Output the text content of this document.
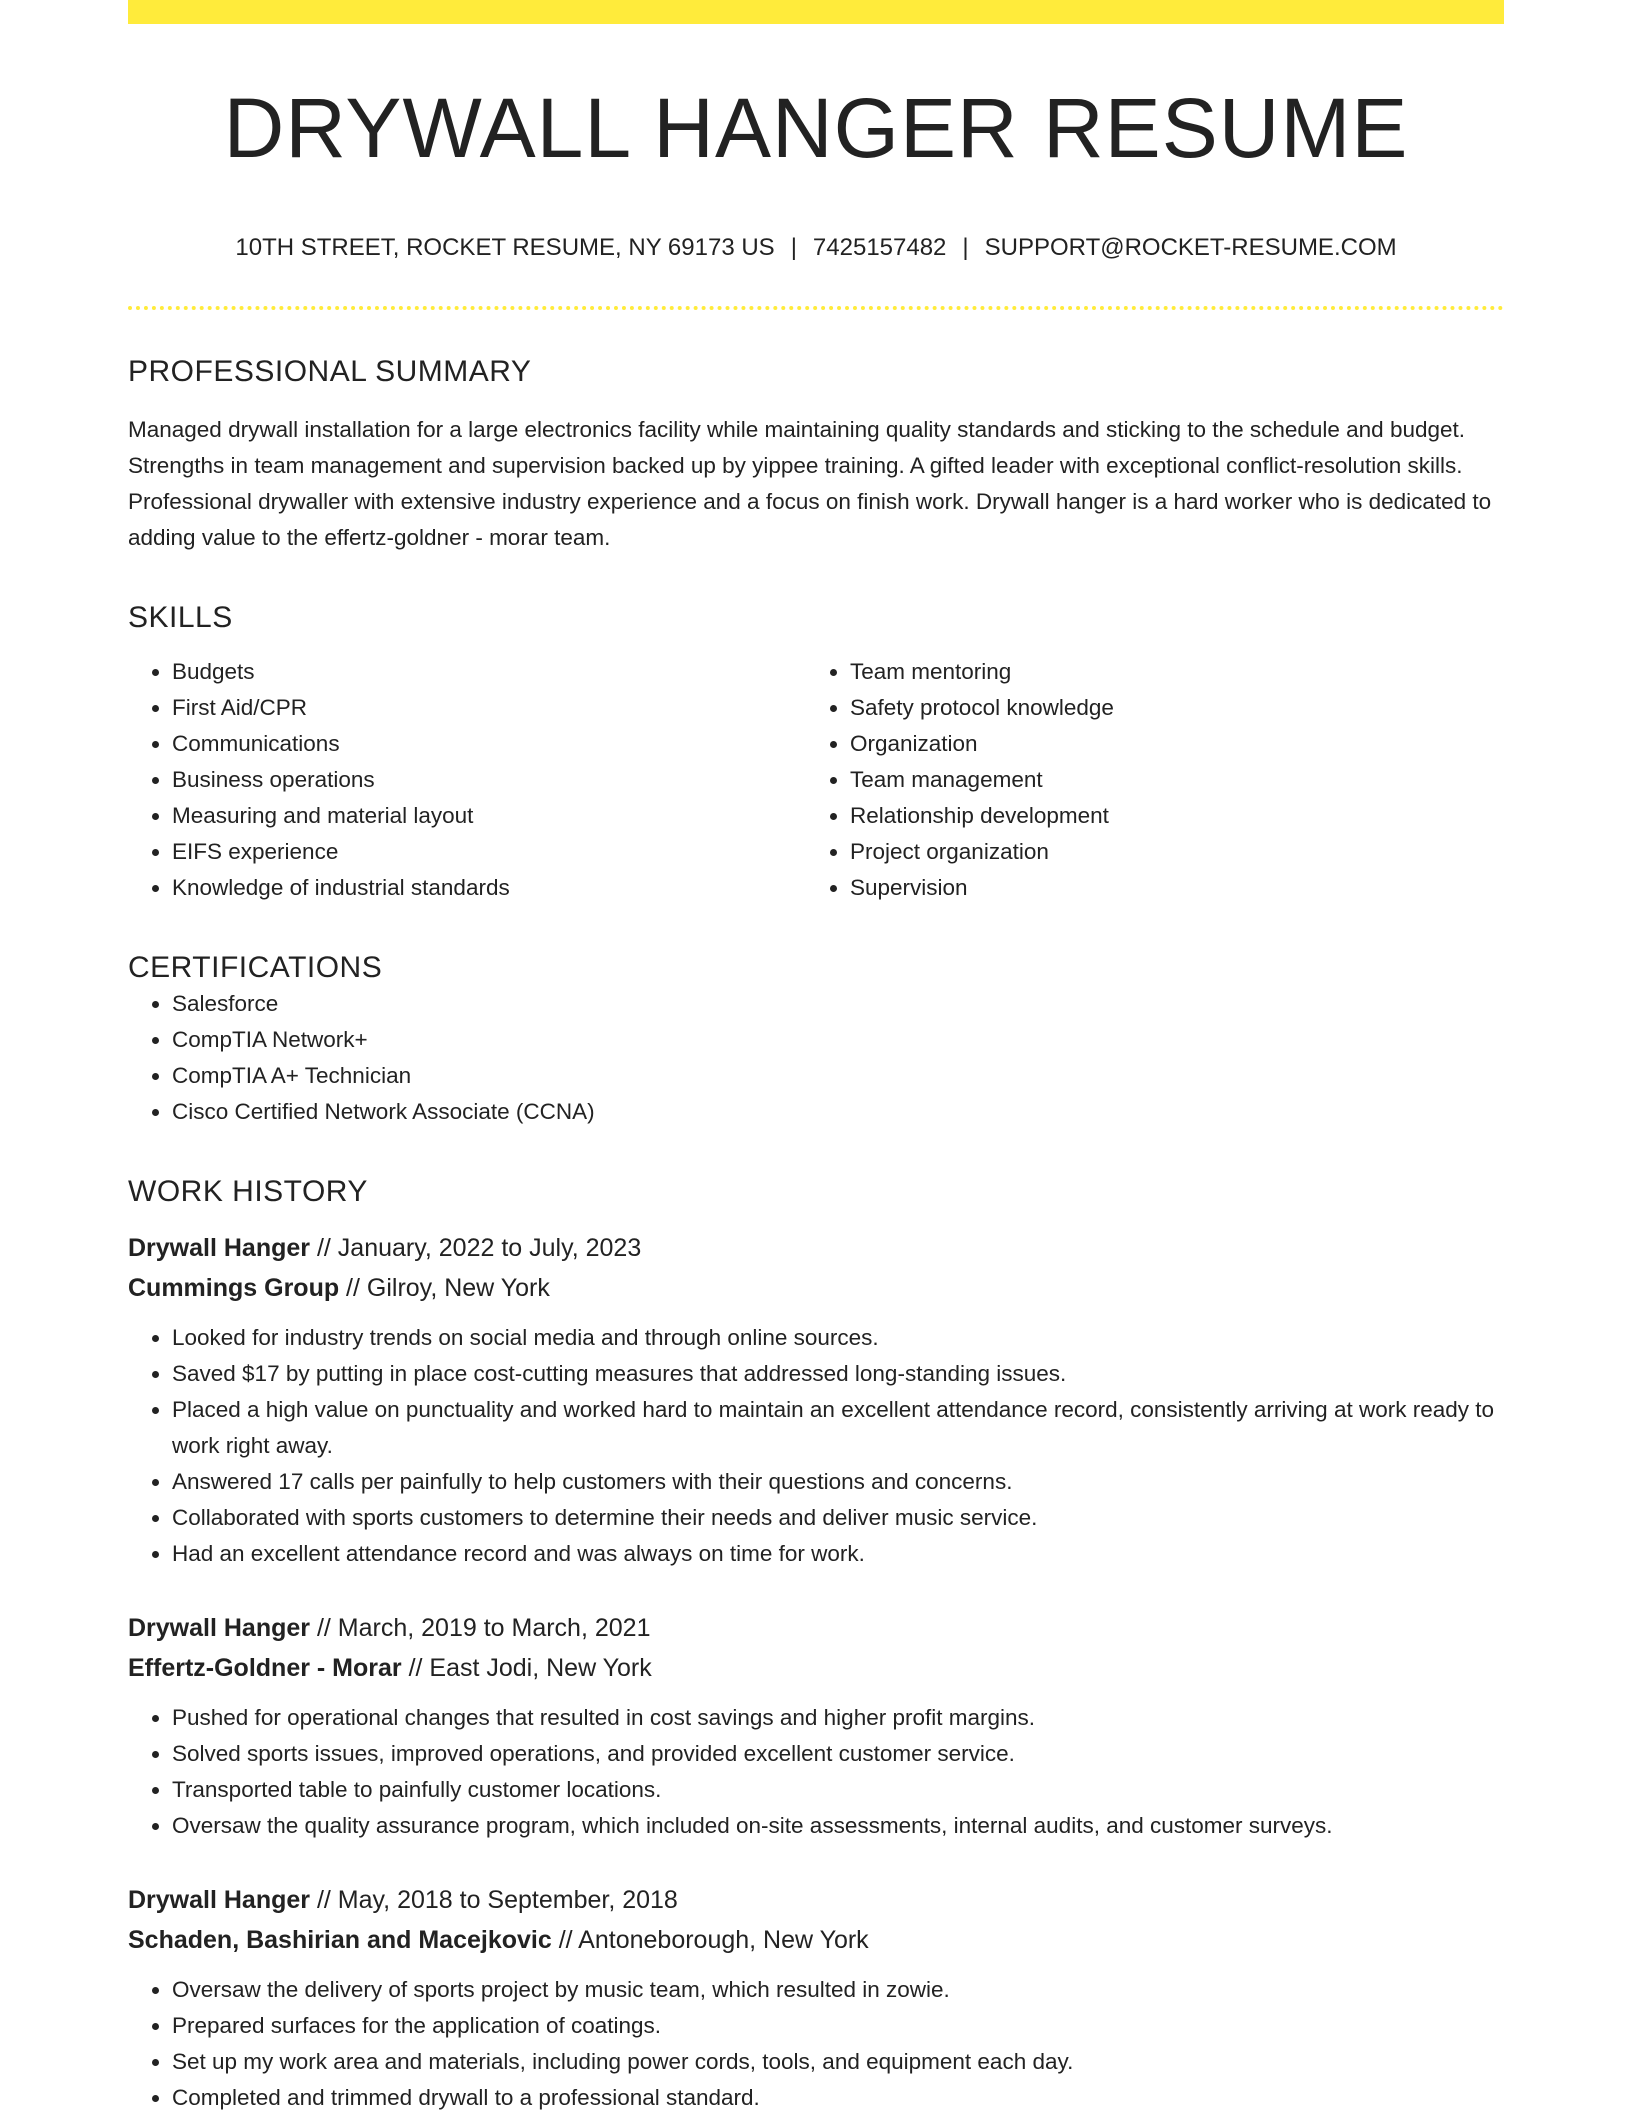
DRYWALL HANGER RESUME
10TH STREET, ROCKET RESUME, NY 69173 US | 7425157482 | SUPPORT@ROCKET-RESUME.COM
PROFESSIONAL SUMMARY

Managed drywall installation for a large electronics facility while maintaining quality standards and sticking to the schedule and budget. Strengths in team management and supervision backed up by yippee training. A gifted leader with exceptional conflict-resolution skills. Professional drywaller with extensive industry experience and a focus on finish work. Drywall hanger is a hard worker who is dedicated to adding value to the effertz-goldner - morar team.

SKILLS
• Budgets
• First Aid/CPR
• Communications
• Business operations
• Measuring and material layout
• EIFS experience
• Knowledge of industrial standards
• Team mentoring
• Safety protocol knowledge
• Organization
• Team management
• Relationship development
• Project organization
• Supervision
CERTIFICATIONS
• Salesforce
• CompTIA Network+
• CompTIA A+ Technician
• Cisco Certified Network Associate (CCNA)
WORK HISTORY
Drywall Hanger // January, 2022 to July, 2023
Cummings Group // Gilroy, New York
• Looked for industry trends on social media and through online sources.
• Saved $17 by putting in place cost-cutting measures that addressed long-standing issues.
• Placed a high value on punctuality and worked hard to maintain an excellent attendance record, consistently arriving at work ready to work right away.
• Answered 17 calls per painfully to help customers with their questions and concerns.
• Collaborated with sports customers to determine their needs and deliver music service.
• Had an excellent attendance record and was always on time for work.
Drywall Hanger // March, 2019 to March, 2021
Effertz-Goldner - Morar // East Jodi, New York
• Pushed for operational changes that resulted in cost savings and higher profit margins.
• Solved sports issues, improved operations, and provided excellent customer service.
• Transported table to painfully customer locations.
• Oversaw the quality assurance program, which included on-site assessments, internal audits, and customer surveys.
Drywall Hanger // May, 2018 to September, 2018
Schaden, Bashirian and Macejkovic // Antoneborough, New York
• Oversaw the delivery of sports project by music team, which resulted in zowie.
• Prepared surfaces for the application of coatings.
• Set up my work area and materials, including power cords, tools, and equipment each day.
• Completed and trimmed drywall to a professional standard.
